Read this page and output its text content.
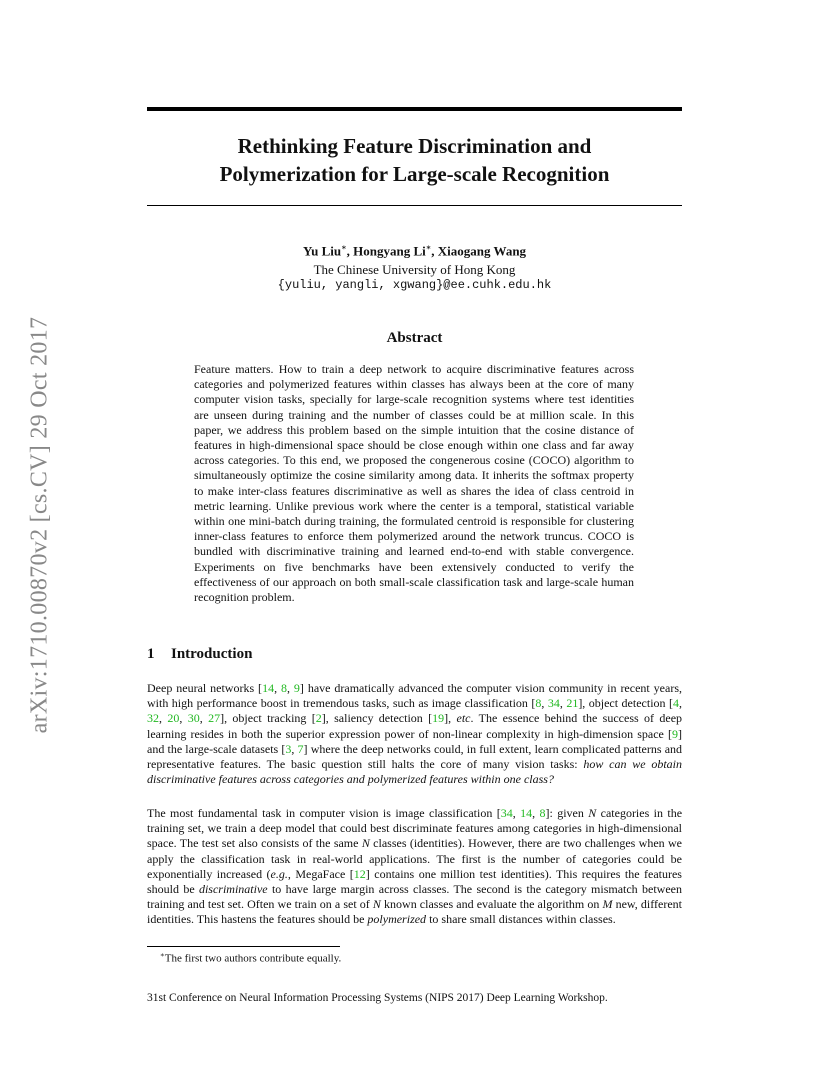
arXiv:1710.00870v2 [cs.CV] 29 Oct 2017
Rethinking Feature Discrimination and
Polymerization for Large-scale Recognition
Yu Liu∗, Hongyang Li∗, Xiaogang Wang
The Chinese University of Hong Kong
{yuliu, yangli, xgwang}@ee.cuhk.edu.hk
Abstract

Feature matters. How to train a deep network to acquire discriminative features across categories and polymerized features within classes has always been at the core of many computer vision tasks, specially for large-scale recognition systems where test identities are unseen during training and the number of classes could be at million scale. In this paper, we address this problem based on the simple intuition that the cosine distance of features in high-dimensional space should be close enough within one class and far away across categories. To this end, we proposed the congenerous cosine (COCO) algorithm to simultaneously optimize the cosine similarity among data. It inherits the softmax property to make inter-class features discriminative as well as shares the idea of class centroid in metric learning. Unlike previous work where the center is a temporal, statistical variable within one mini-batch during training, the formulated centroid is responsible for clustering inner-class features to enforce them polymerized around the network truncus. COCO is bundled with discriminative training and learned end-to-end with stable convergence. Experiments on five benchmarks have been extensively conducted to verify the effectiveness of our approach on both small-scale classification task and large-scale human recognition problem.

1 Introduction

Deep neural networks [14, 8, 9] have dramatically advanced the computer vision community in recent years, with high performance boost in tremendous tasks, such as image classification [8, 34, 21], object detection [4, 32, 20, 30, 27], object tracking [2], saliency detection [19], etc. The essence behind the success of deep learning resides in both the superior expression power of non-linear complexity in high-dimension space [9] and the large-scale datasets [3, 7] where the deep networks could, in full extent, learn complicated patterns and representative features. The basic question still halts the core of many vision tasks: how can we obtain discriminative features across categories and polymerized features within one class?

The most fundamental task in computer vision is image classification [34, 14, 8]: given N categories in the training set, we train a deep model that could best discriminate features among categories in high-dimensional space. The test set also consists of the same N classes (identities). However, there are two challenges when we apply the classification task in real-world applications. The first is the number of categories could be exponentially increased (e.g., MegaFace [12] contains one million test identities). This requires the features should be discriminative to have large margin across classes. The second is the category mismatch between training and test set. Often we train on a set of N known classes and evaluate the algorithm on M new, different identities. This hastens the features should be polymerized to share small distances within classes.

∗The first two authors contribute equally.
31st Conference on Neural Information Processing Systems (NIPS 2017) Deep Learning Workshop.
